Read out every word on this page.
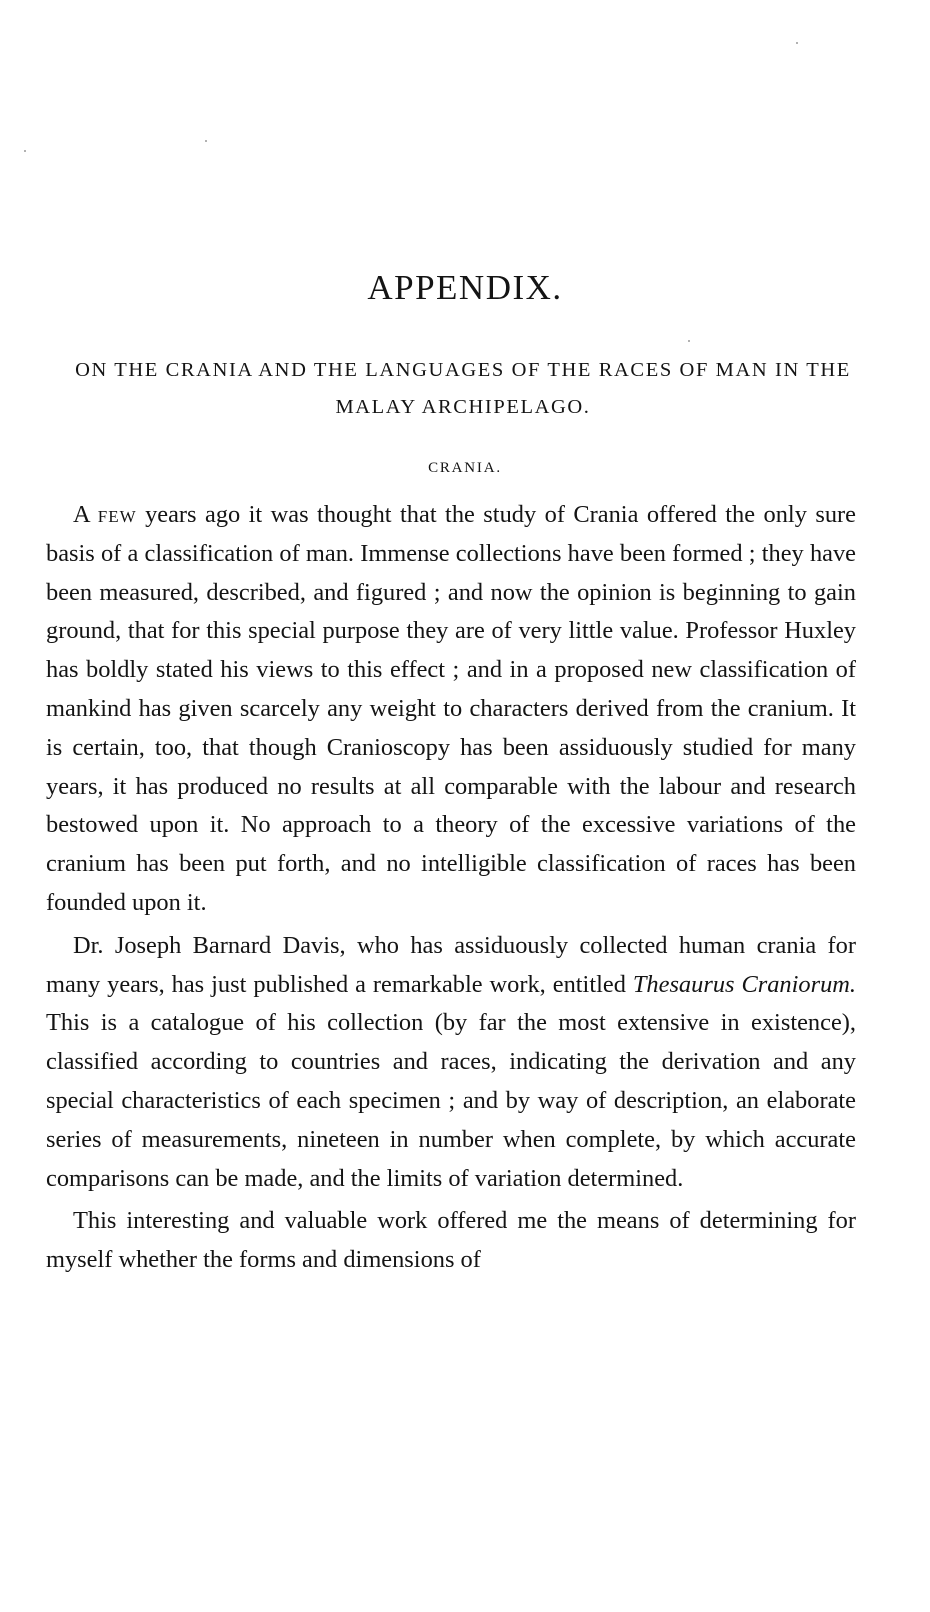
APPENDIX.
ON THE CRANIA AND THE LANGUAGES OF THE RACES OF MAN IN THE MALAY ARCHIPELAGO.
CRANIA.

A few years ago it was thought that the study of Crania offered the only sure basis of a classification of man. Immense collections have been formed ; they have been measured, described, and figured ; and now the opinion is beginning to gain ground, that for this special purpose they are of very little value. Professor Huxley has boldly stated his views to this effect ; and in a proposed new classification of mankind has given scarcely any weight to characters derived from the cranium. It is certain, too, that though Cranioscopy has been assiduously studied for many years, it has produced no results at all comparable with the labour and research bestowed upon it. No approach to a theory of the excessive variations of the cranium has been put forth, and no intelligible classification of races has been founded upon it.

Dr. Joseph Barnard Davis, who has assiduously collected human crania for many years, has just published a remarkable work, entitled Thesaurus Craniorum. This is a catalogue of his collection (by far the most extensive in existence), classified according to countries and races, indicating the derivation and any special characteristics of each specimen ; and by way of description, an elaborate series of measurements, nineteen in number when complete, by which accurate comparisons can be made, and the limits of variation determined.

This interesting and valuable work offered me the means of determining for myself whether the forms and dimensions of
